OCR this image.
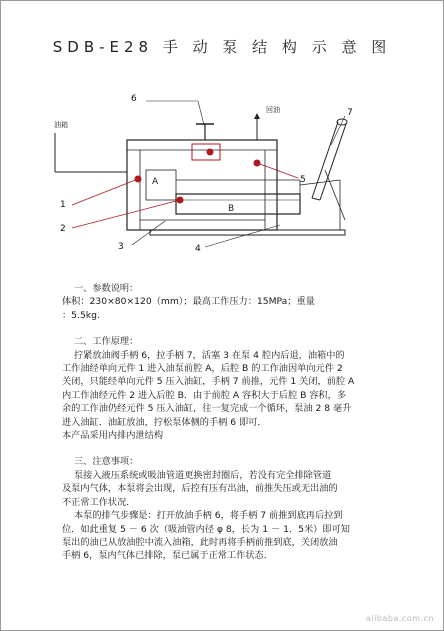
SDB-E28 手 动 泵 结 构 示 意 图
油箱
回油
A
B
1
2
3	4
5
6
7

一、参数说明：

体积：230×80×120（mm）；最高工作压力：15MPa；重量

：5.5kg.

二、工作原理：

拧紧放油阀手柄 6，拉手柄 7，活塞 3 在泵 4 腔内后退，油箱中的

工作油经单向元件 1 进入油泵前腔 A，后腔 B 的工作油因单向元件 2

关闭，只能经单向元件 5 压入油缸，手柄 7 前推，元件 1 关闭，前腔 A

内工作油经元件 2 进入后腔 B．由于前腔 A 容积大于后腔 B 容积，多

余的工作油仍经元件 5 压入油缸，往一复完成一个循环，泵油 2 8 毫升

进入油缸．油缸放油，拧松泵体侧的手柄 6 即可．

本产品采用内排内泄结构

三、注意事项：

泵接入液压系统或吸油管道更换密封圈后，若没有完全排除管道

及泵内气体，本泵将会出现，后控有压有出油，前推失压或无出油的

不正常工作状况．

本泵的排气步骤是：打开放油手柄 6，将手柄 7 前推到底再后拉到

位．如此重复 5 － 6 次（吸油管内径 φ 8，长为 1 － 1．5米）即可知

泵出的油已从放油腔中流入油箱，此时再将手柄前推到底，关闭放油

手柄 6，泵内气体已排除，泵已属于正常工作状态．

alibaba.com.cn
